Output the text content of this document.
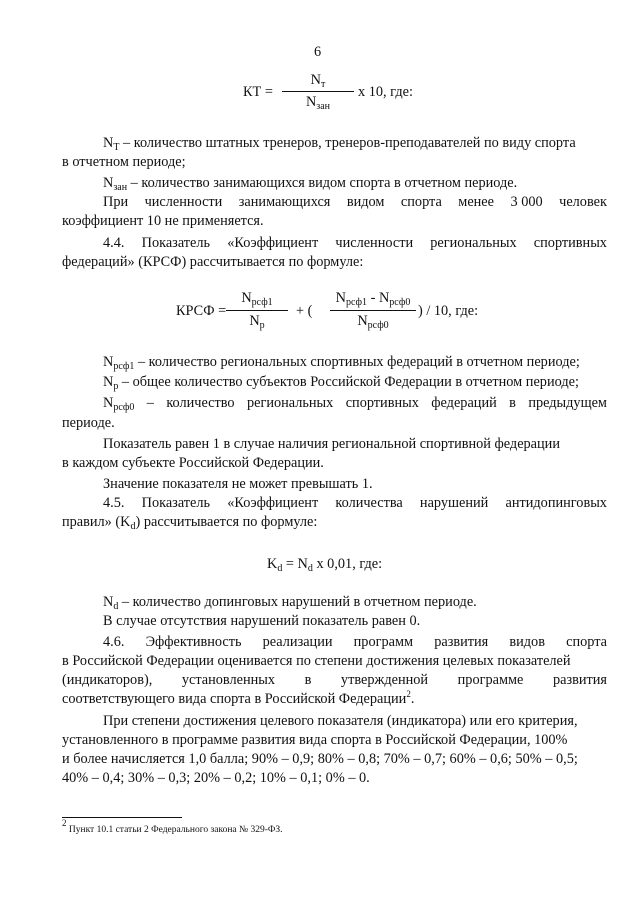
6
КТ =
$N_т$
$N_{зан}$
х 10, где:
$N_Т$ – количество штатных тренеров, тренеров-преподавателей по виду спорта
в отчетном периоде;
$N_{зан}$ – количество занимающихся видом спорта в отчетном периоде.
При численности занимающихся видом спорта менее 3 000 человек
коэффициент 10 не применяется.
4.4. Показатель «Коэффициент численности региональных спортивных
федераций» (КРСФ) рассчитывается по формуле:
КРСФ =
$N_{рсф1}$
$N_р$
+ (
$N_{рсф1} - N_{рсф0}$
$N_{рсф0}$
) / 10, где:
$N_{рсф1}$ – количество региональных спортивных федераций в отчетном периоде;
$N_р$ – общее количество субъектов Российской Федерации в отчетном периоде;
$N_{рсф0}$ – количество региональных спортивных федераций в предыдущем
периоде.
Показатель равен 1 в случае наличия региональной спортивной федерации
в каждом субъекте Российской Федерации.
Значение показателя не может превышать 1.
4.5. Показатель «Коэффициент количества нарушений антидопинговых
правил» $(K_d)$ рассчитывается по формуле:
$K_d = N_d$ х 0,01, где:
$N_d$ – количество допинговых нарушений в отчетном периоде.
В случае отсутствия нарушений показатель равен 0.
4.6. Эффективность реализации программ развития видов спорта
в Российской Федерации оценивается по степени достижения целевых показателей
(индикаторов), установленных в утвержденной программе развития
соответствующего вида спорта в Российской Федерации$^2$.
При степени достижения целевого показателя (индикатора) или его критерия,
установленного в программе развития вида спорта в Российской Федерации, 100%
и более начисляется 1,0 балла; 90% – 0,9; 80% – 0,8; 70% – 0,7; 60% – 0,6; 50% – 0,5;
40% – 0,4; 30% – 0,3; 20% – 0,2; 10% – 0,1; 0% – 0.
$^2$ Пункт 10.1 статьи 2 Федерального закона № 329-ФЗ.
